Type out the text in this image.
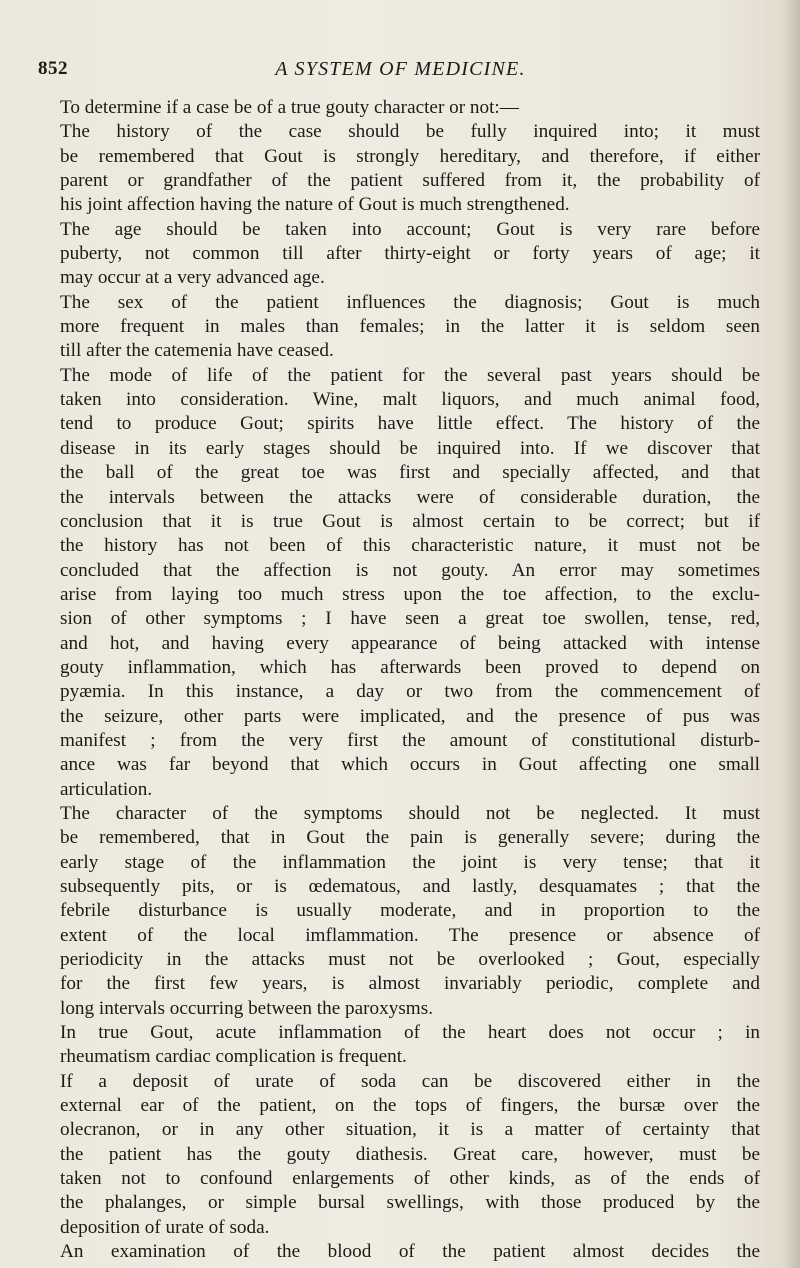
852	A SYSTEM OF MEDICINE.
To determine if a case be of a true gouty character or not:—
The history of the case should be fully inquired into; it must
be remembered that Gout is strongly hereditary, and therefore, if either
parent or grandfather of the patient suffered from it, the probability of
his joint affection having the nature of Gout is much strengthened.
The age should be taken into account; Gout is very rare before
puberty, not common till after thirty-eight or forty years of age; it
may occur at a very advanced age.
The sex of the patient influences the diagnosis; Gout is much
more frequent in males than females; in the latter it is seldom seen
till after the catemenia have ceased.
The mode of life of the patient for the several past years should be
taken into consideration. Wine, malt liquors, and much animal food,
tend to produce Gout; spirits have little effect. The history of the
disease in its early stages should be inquired into. If we discover that
the ball of the great toe was first and specially affected, and that
the intervals between the attacks were of considerable duration, the
conclusion that it is true Gout is almost certain to be correct; but if
the history has not been of this characteristic nature, it must not be
concluded that the affection is not gouty. An error may sometimes
arise from laying too much stress upon the toe affection, to the exclu-
sion of other symptoms ; I have seen a great toe swollen, tense, red,
and hot, and having every appearance of being attacked with intense
gouty inflammation, which has afterwards been proved to depend on
pyæmia. In this instance, a day or two from the commencement of
the seizure, other parts were implicated, and the presence of pus was
manifest ; from the very first the amount of constitutional disturb-
ance was far beyond that which occurs in Gout affecting one small
articulation.
The character of the symptoms should not be neglected. It must
be remembered, that in Gout the pain is generally severe; during the
early stage of the inflammation the joint is very tense; that it
subsequently pits, or is œdematous, and lastly, desquamates ; that the
febrile disturbance is usually moderate, and in proportion to the
extent of the local imflammation. The presence or absence of
periodicity in the attacks must not be overlooked ; Gout, especially
for the first few years, is almost invariably periodic, complete and
long intervals occurring between the paroxysms.
In true Gout, acute inflammation of the heart does not occur ; in
rheumatism cardiac complication is frequent.
If a deposit of urate of soda can be discovered either in the
external ear of the patient, on the tops of fingers, the bursæ over the
olecranon, or in any other situation, it is a matter of certainty that
the patient has the gouty diathesis. Great care, however, must be
taken not to confound enlargements of other kinds, as of the ends of
the phalanges, or simple bursal swellings, with those produced by the
deposition of urate of soda.
An examination of the blood of the patient almost decides the
